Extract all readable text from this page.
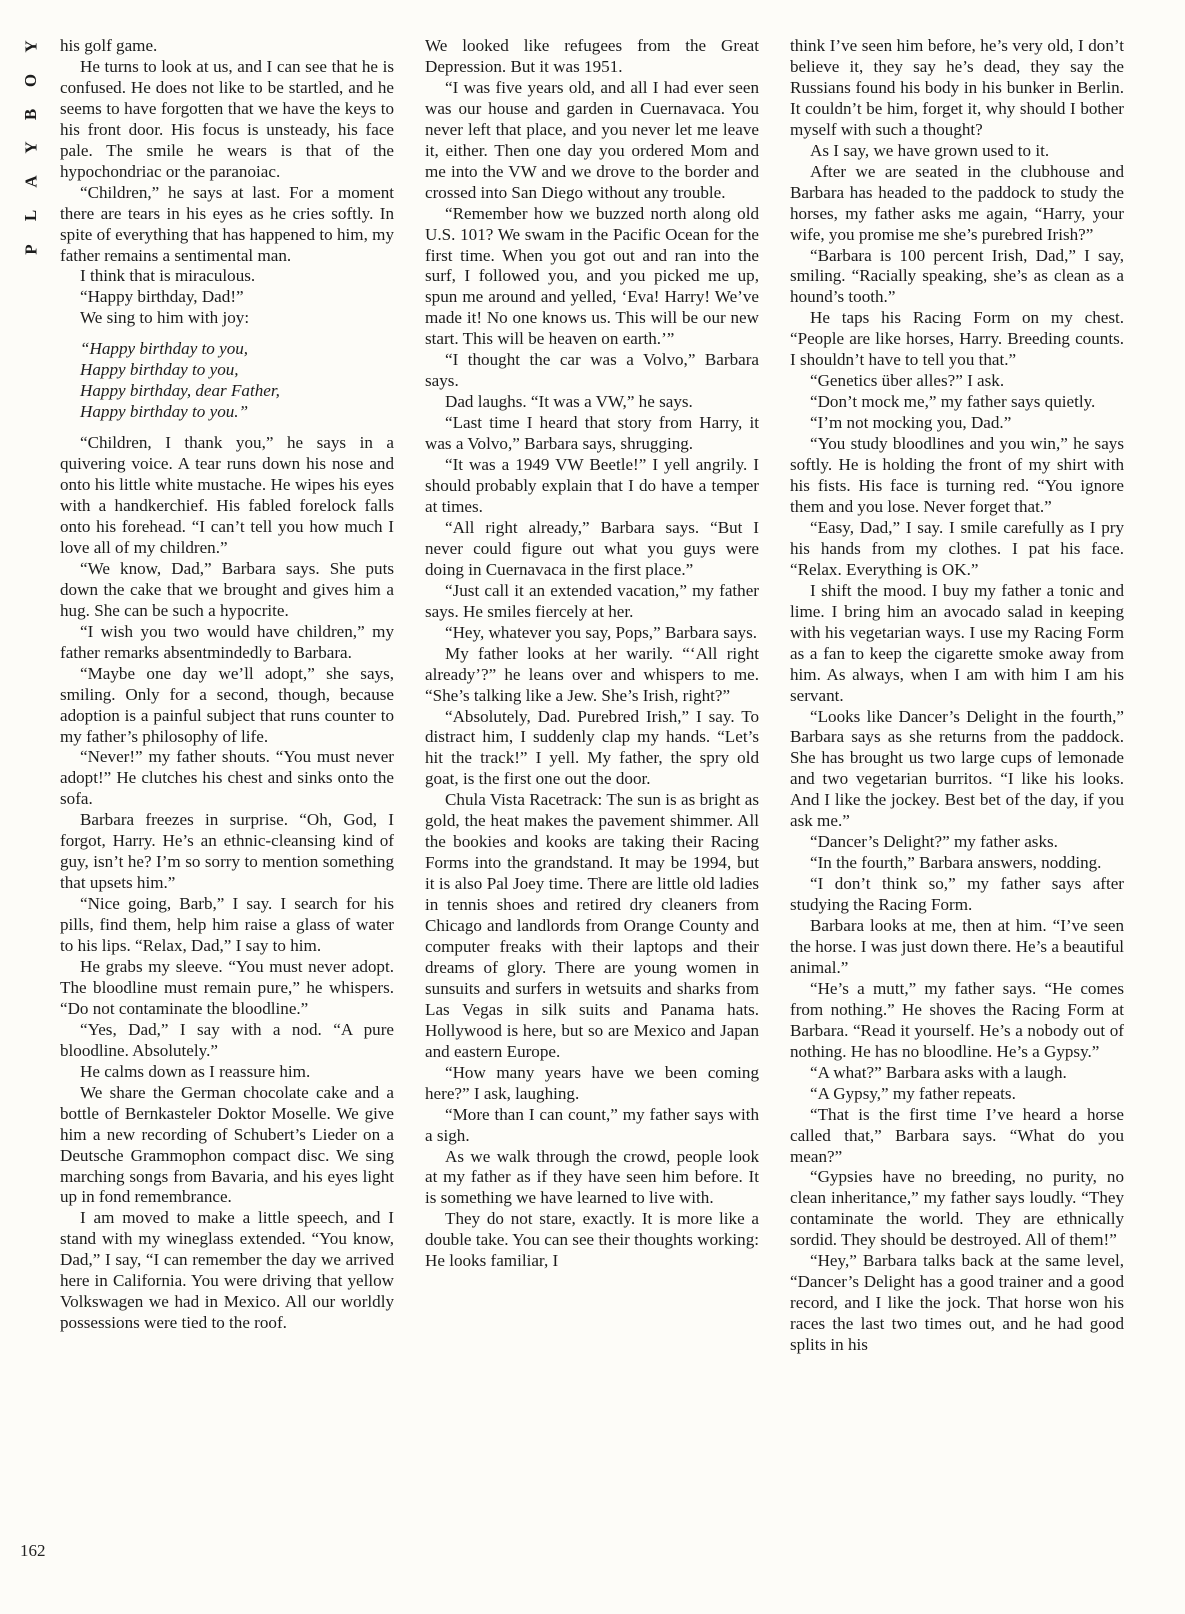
Y
O
B
Y
A
L
P
162

his golf game.

He turns to look at us, and I can see that he is confused. He does not like to be startled, and he seems to have forgotten that we have the keys to his front door. His focus is unsteady, his face pale. The smile he wears is that of the hypochondriac or the paranoiac.

“Children,” he says at last. For a moment there are tears in his eyes as he cries softly. In spite of everything that has happened to him, my father remains a sentimental man.

I think that is miraculous.

“Happy birthday, Dad!”

We sing to him with joy:

“Happy birthday to you,
Happy birthday to you,
Happy birthday, dear Father,
Happy birthday to you.”

“Children, I thank you,” he says in a quivering voice. A tear runs down his nose and onto his little white mustache. He wipes his eyes with a handkerchief. His fabled forelock falls onto his forehead. “I can’t tell you how much I love all of my children.”

“We know, Dad,” Barbara says. She puts down the cake that we brought and gives him a hug. She can be such a hypocrite.

“I wish you two would have children,” my father remarks absentmindedly to Barbara.

“Maybe one day we’ll adopt,” she says, smiling. Only for a second, though, because adoption is a painful subject that runs counter to my father’s philosophy of life.

“Never!” my father shouts. “You must never adopt!” He clutches his chest and sinks onto the sofa.

Barbara freezes in surprise. “Oh, God, I forgot, Harry. He’s an ethnic-cleansing kind of guy, isn’t he? I’m so sorry to mention something that upsets him.”

“Nice going, Barb,” I say. I search for his pills, find them, help him raise a glass of water to his lips. “Relax, Dad,” I say to him.

He grabs my sleeve. “You must never adopt. The bloodline must remain pure,” he whispers. “Do not contaminate the bloodline.”

“Yes, Dad,” I say with a nod. “A pure bloodline. Absolutely.”

He calms down as I reassure him.

We share the German chocolate cake and a bottle of Bernkasteler Doktor Moselle. We give him a new recording of Schubert’s Lieder on a Deutsche Grammophon compact disc. We sing marching songs from Bavaria, and his eyes light up in fond remembrance.

I am moved to make a little speech, and I stand with my wineglass extended. “You know, Dad,” I say, “I can remember the day we arrived here in California. You were driving that yellow Volkswagen we had in Mexico. All our worldly possessions were tied to the roof.

We looked like refugees from the Great Depression. But it was 1951.

“I was five years old, and all I had ever seen was our house and garden in Cuernavaca. You never left that place, and you never let me leave it, either. Then one day you ordered Mom and me into the VW and we drove to the border and crossed into San Diego without any trouble.

“Remember how we buzzed north along old U.S. 101? We swam in the Pacific Ocean for the first time. When you got out and ran into the surf, I followed you, and you picked me up, spun me around and yelled, ‘Eva! Harry! We’ve made it! No one knows us. This will be our new start. This will be heaven on earth.’”

“I thought the car was a Volvo,” Barbara says.

Dad laughs. “It was a VW,” he says.

“Last time I heard that story from Harry, it was a Volvo,” Barbara says, shrugging.

“It was a 1949 VW Beetle!” I yell angrily. I should probably explain that I do have a temper at times.

“All right already,” Barbara says. “But I never could figure out what you guys were doing in Cuernavaca in the first place.”

“Just call it an extended vacation,” my father says. He smiles fiercely at her.

“Hey, whatever you say, Pops,” Barbara says.

My father looks at her warily. “‘All right already’?” he leans over and whispers to me. “She’s talking like a Jew. She’s Irish, right?”

“Absolutely, Dad. Purebred Irish,” I say. To distract him, I suddenly clap my hands. “Let’s hit the track!” I yell. My father, the spry old goat, is the first one out the door.

Chula Vista Racetrack: The sun is as bright as gold, the heat makes the pavement shimmer. All the bookies and kooks are taking their Racing Forms into the grandstand. It may be 1994, but it is also Pal Joey time. There are little old ladies in tennis shoes and retired dry cleaners from Chicago and landlords from Orange County and computer freaks with their laptops and their dreams of glory. There are young women in sunsuits and surfers in wetsuits and sharks from Las Vegas in silk suits and Panama hats. Hollywood is here, but so are Mexico and Japan and eastern Europe.

“How many years have we been coming here?” I ask, laughing.

“More than I can count,” my father says with a sigh.

As we walk through the crowd, people look at my father as if they have seen him before. It is something we have learned to live with.

They do not stare, exactly. It is more like a double take. You can see their thoughts working: He looks familiar, I

think I’ve seen him before, he’s very old, I don’t believe it, they say he’s dead, they say the Russians found his body in his bunker in Berlin. It couldn’t be him, forget it, why should I bother myself with such a thought?

As I say, we have grown used to it.

After we are seated in the clubhouse and Barbara has headed to the paddock to study the horses, my father asks me again, “Harry, your wife, you promise me she’s purebred Irish?”

“Barbara is 100 percent Irish, Dad,” I say, smiling. “Racially speaking, she’s as clean as a hound’s tooth.”

He taps his Racing Form on my chest. “People are like horses, Harry. Breeding counts. I shouldn’t have to tell you that.”

“Genetics über alles?” I ask.

“Don’t mock me,” my father says quietly.

“I’m not mocking you, Dad.”

“You study bloodlines and you win,” he says softly. He is holding the front of my shirt with his fists. His face is turning red. “You ignore them and you lose. Never forget that.”

“Easy, Dad,” I say. I smile carefully as I pry his hands from my clothes. I pat his face. “Relax. Everything is OK.”

I shift the mood. I buy my father a tonic and lime. I bring him an avocado salad in keeping with his vegetarian ways. I use my Racing Form as a fan to keep the cigarette smoke away from him. As always, when I am with him I am his servant.

“Looks like Dancer’s Delight in the fourth,” Barbara says as she returns from the paddock. She has brought us two large cups of lemonade and two vegetarian burritos. “I like his looks. And I like the jockey. Best bet of the day, if you ask me.”

“Dancer’s Delight?” my father asks.

“In the fourth,” Barbara answers, nodding.

“I don’t think so,” my father says after studying the Racing Form.

Barbara looks at me, then at him. “I’ve seen the horse. I was just down there. He’s a beautiful animal.”

“He’s a mutt,” my father says. “He comes from nothing.” He shoves the Racing Form at Barbara. “Read it yourself. He’s a nobody out of nothing. He has no bloodline. He’s a Gypsy.”

“A what?” Barbara asks with a laugh.

“A Gypsy,” my father repeats.

“That is the first time I’ve heard a horse called that,” Barbara says. “What do you mean?”

“Gypsies have no breeding, no purity, no clean inheritance,” my father says loudly. “They contaminate the world. They are ethnically sordid. They should be destroyed. All of them!”

“Hey,” Barbara talks back at the same level, “Dancer’s Delight has a good trainer and a good record, and I like the jock. That horse won his races the last two times out, and he had good splits in his
